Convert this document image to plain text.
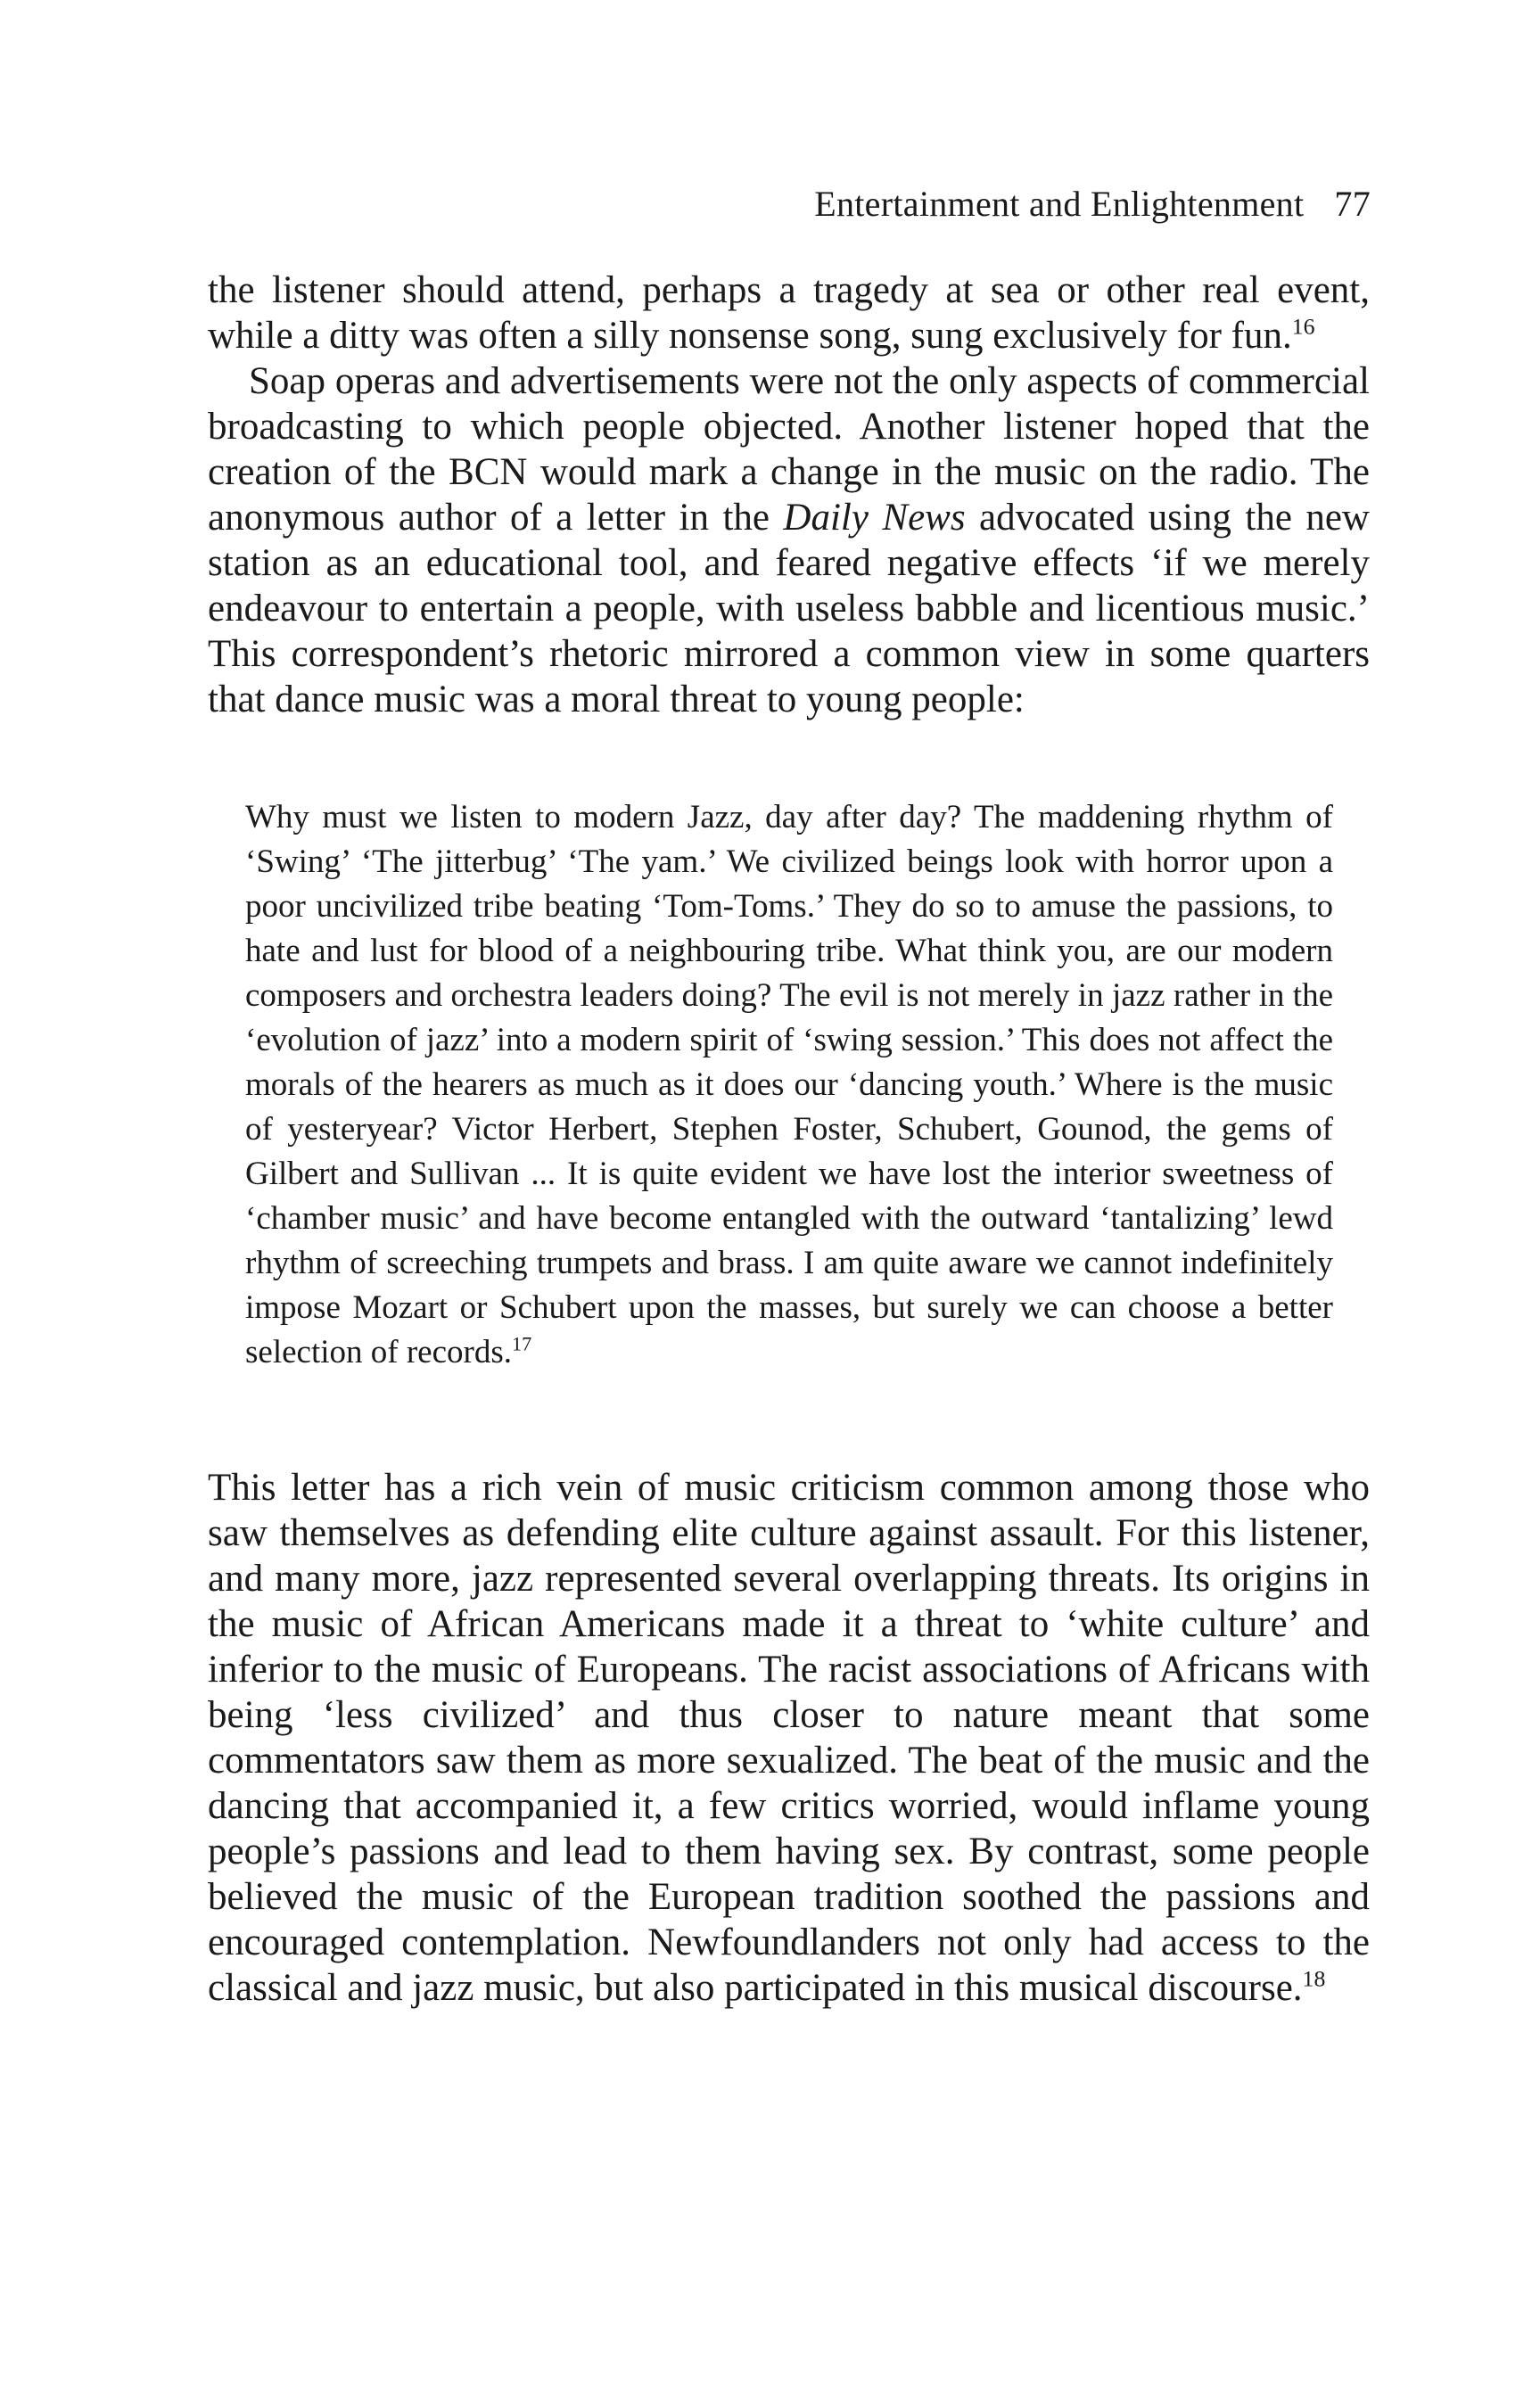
Entertainment and Enlightenment 77
the listener should attend, perhaps a tragedy at sea or other real event, while a ditty was often a silly nonsense song, sung exclusively for fun.$^{16}$
Soap operas and advertisements were not the only aspects of commercial broadcasting to which people objected. Another listener hoped that the creation of the BCN would mark a change in the music on the radio. The anonymous author of a letter in the Daily News advocated using the new station as an educational tool, and feared negative effects ‘if we merely endeavour to entertain a people, with useless babble and licentious music.’ This correspondent’s rhetoric mirrored a common view in some quarters that dance music was a moral threat to young people:
Why must we listen to modern Jazz, day after day? The maddening rhythm of ‘Swing’ ‘The jitterbug’ ‘The yam.’ We civilized beings look with horror upon a poor uncivilized tribe beating ‘Tom-Toms.’ They do so to amuse the passions, to hate and lust for blood of a neighbouring tribe. What think you, are our modern composers and orchestra leaders doing? The evil is not merely in jazz rather in the ‘evolution of jazz’ into a modern spirit of ‘swing session.’ This does not affect the morals of the hearers as much as it does our ‘dancing youth.’ Where is the music of yesteryear? Victor Herbert, Stephen Foster, Schubert, Gounod, the gems of Gilbert and Sullivan ... It is quite evident we have lost the interior sweetness of ‘chamber music’ and have become entangled with the outward ‘tantalizing’ lewd rhythm of screeching trumpets and brass. I am quite aware we cannot indefinitely impose Mozart or Schubert upon the masses, but surely we can choose a better selection of records.$^{17}$
This letter has a rich vein of music criticism common among those who saw themselves as defending elite culture against assault. For this listener, and many more, jazz represented several overlapping threats. Its origins in the music of African Americans made it a threat to ‘white culture’ and inferior to the music of Europeans. The racist associations of Africans with being ‘less civilized’ and thus closer to nature meant that some commentators saw them as more sexualized. The beat of the music and the dancing that accompanied it, a few critics worried, would inflame young people’s passions and lead to them having sex. By contrast, some people believed the music of the European tradition soothed the passions and encouraged contemplation. Newfoundlanders not only had access to the classical and jazz music, but also participated in this musical discourse.$^{18}$
